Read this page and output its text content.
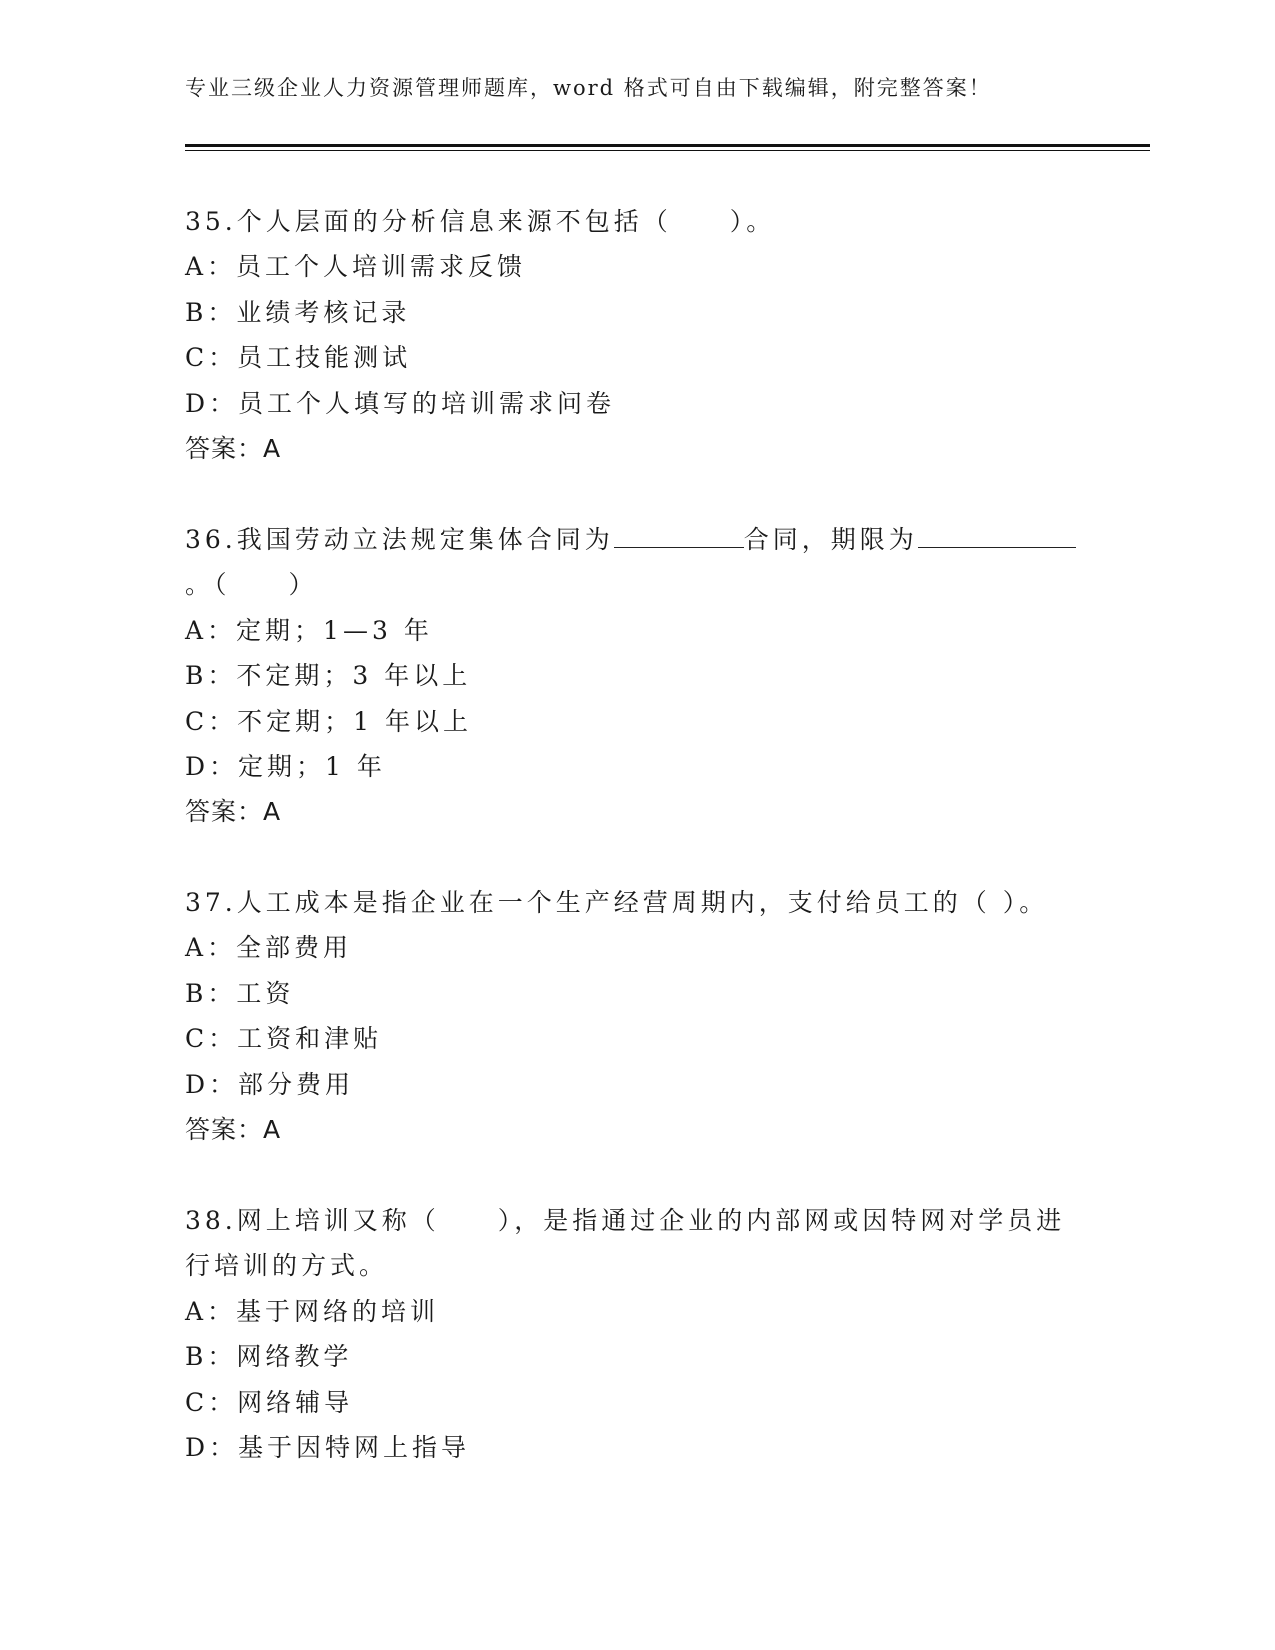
专业三级企业人力资源管理师题库，word 格式可自由下载编辑，附完整答案！
35.个人层面的分析信息来源不包括（　　）。
A：员工个人培训需求反馈
B：业绩考核记录
C：员工技能测试
D：员工个人填写的培训需求问卷
答案：A
36.我国劳动立法规定集体合同为	合同，期限为
。（　　）
A：定期；1—3 年
B：不定期；3 年以上
C：不定期；1 年以上
D：定期；1 年
答案：A
37.人工成本是指企业在一个生产经营周期内，支付给员工的（ ）。
A：全部费用
B：工资
C：工资和津贴
D：部分费用
答案：A
38.网上培训又称（　　），是指通过企业的内部网或因特网对学员进
行培训的方式。
A：基于网络的培训
B：网络教学
C：网络辅导
D：基于因特网上指导
